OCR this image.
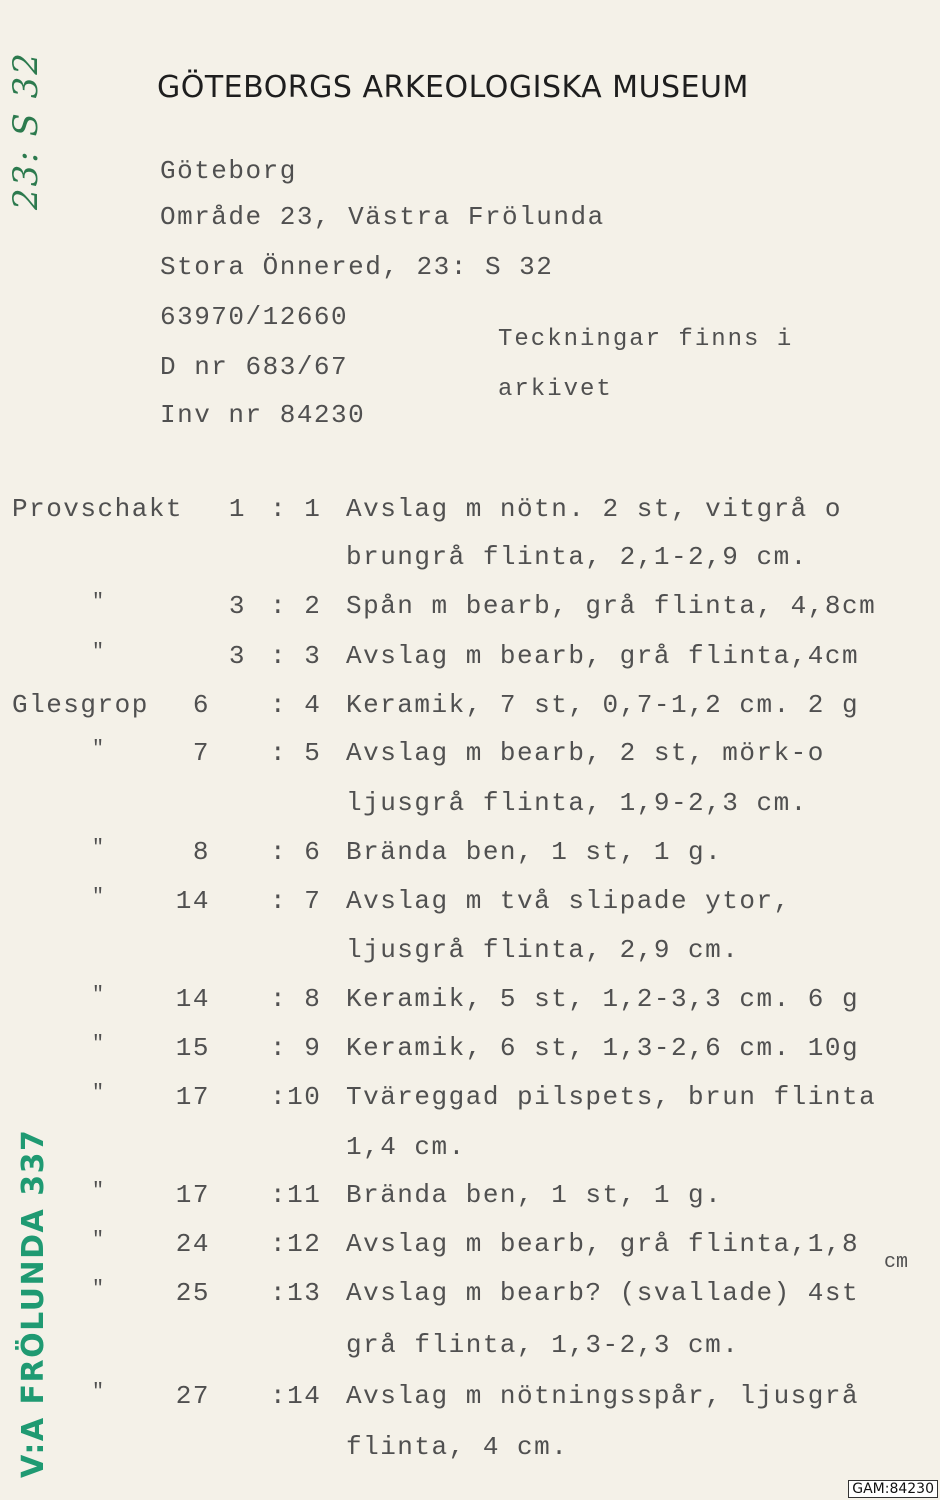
23: S 32
V:A FRÖLUNDA 337
GÖTEBORGS ARKEOLOGISKA MUSEUM
Göteborg
Område 23, Västra Frölunda
Stora Önnered, 23: S 32
63970/12660
D nr 683/67
Inv nr 84230
Teckningar finns i
arkivet
Provschakt	1 : 1 Avslag m nötn. 2 st, vitgrå o
brungrå flinta, 2,1-2,9 cm.
"	3 : 2 Spån m bearb, grå flinta, 4,8cm
"	3 : 3 Avslag m bearb, grå flinta,4cm
Glesgrop	6 : 4 Keramik, 7 st, 0,7-1,2 cm. 2 g
"	7 : 5 Avslag m bearb, 2 st, mörk-o
ljusgrå flinta, 1,9-2,3 cm.
"	8 : 6 Brända ben, 1 st, 1 g.
"	14 : 7 Avslag m två slipade ytor,
ljusgrå flinta, 2,9 cm.
"	14 : 8 Keramik, 5 st, 1,2-3,3 cm. 6 g
"	15 : 9 Keramik, 6 st, 1,3-2,6 cm. 10g
"	17 :10 Tväreggad pilspets, brun flinta
1,4 cm.
"	17 :11 Brända ben, 1 st, 1 g.
"	24 :12 Avslag m bearb, grå flinta,1,8
"	25 :13 Avslag m bearb? (svallade) 4st
grå flinta, 1,3-2,3 cm.
"	27 :14 Avslag m nötningsspår, ljusgrå
flinta, 4 cm.
cm
GAM:84230
